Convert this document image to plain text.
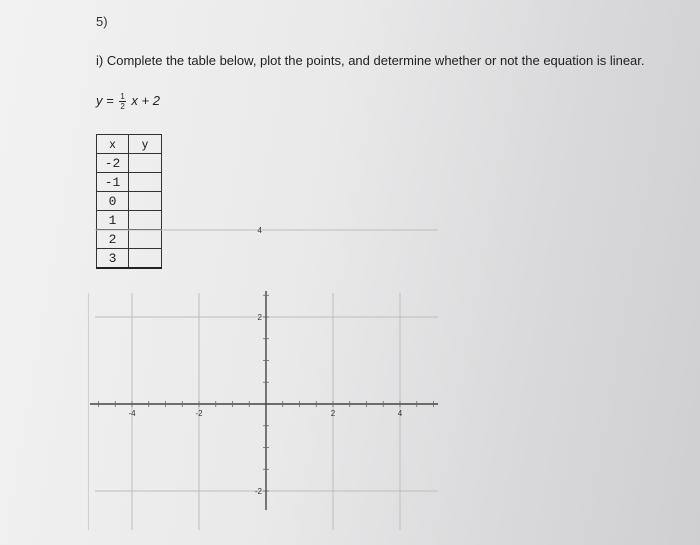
5)
i) Complete the table below, plot the points, and determine whether or not the equation is linear.
$y = \frac{1}{2}$ x + 2
x	y
-2	
-1	
0	
1	
2	
3	
-4	-2	2	4
4
2
-2
